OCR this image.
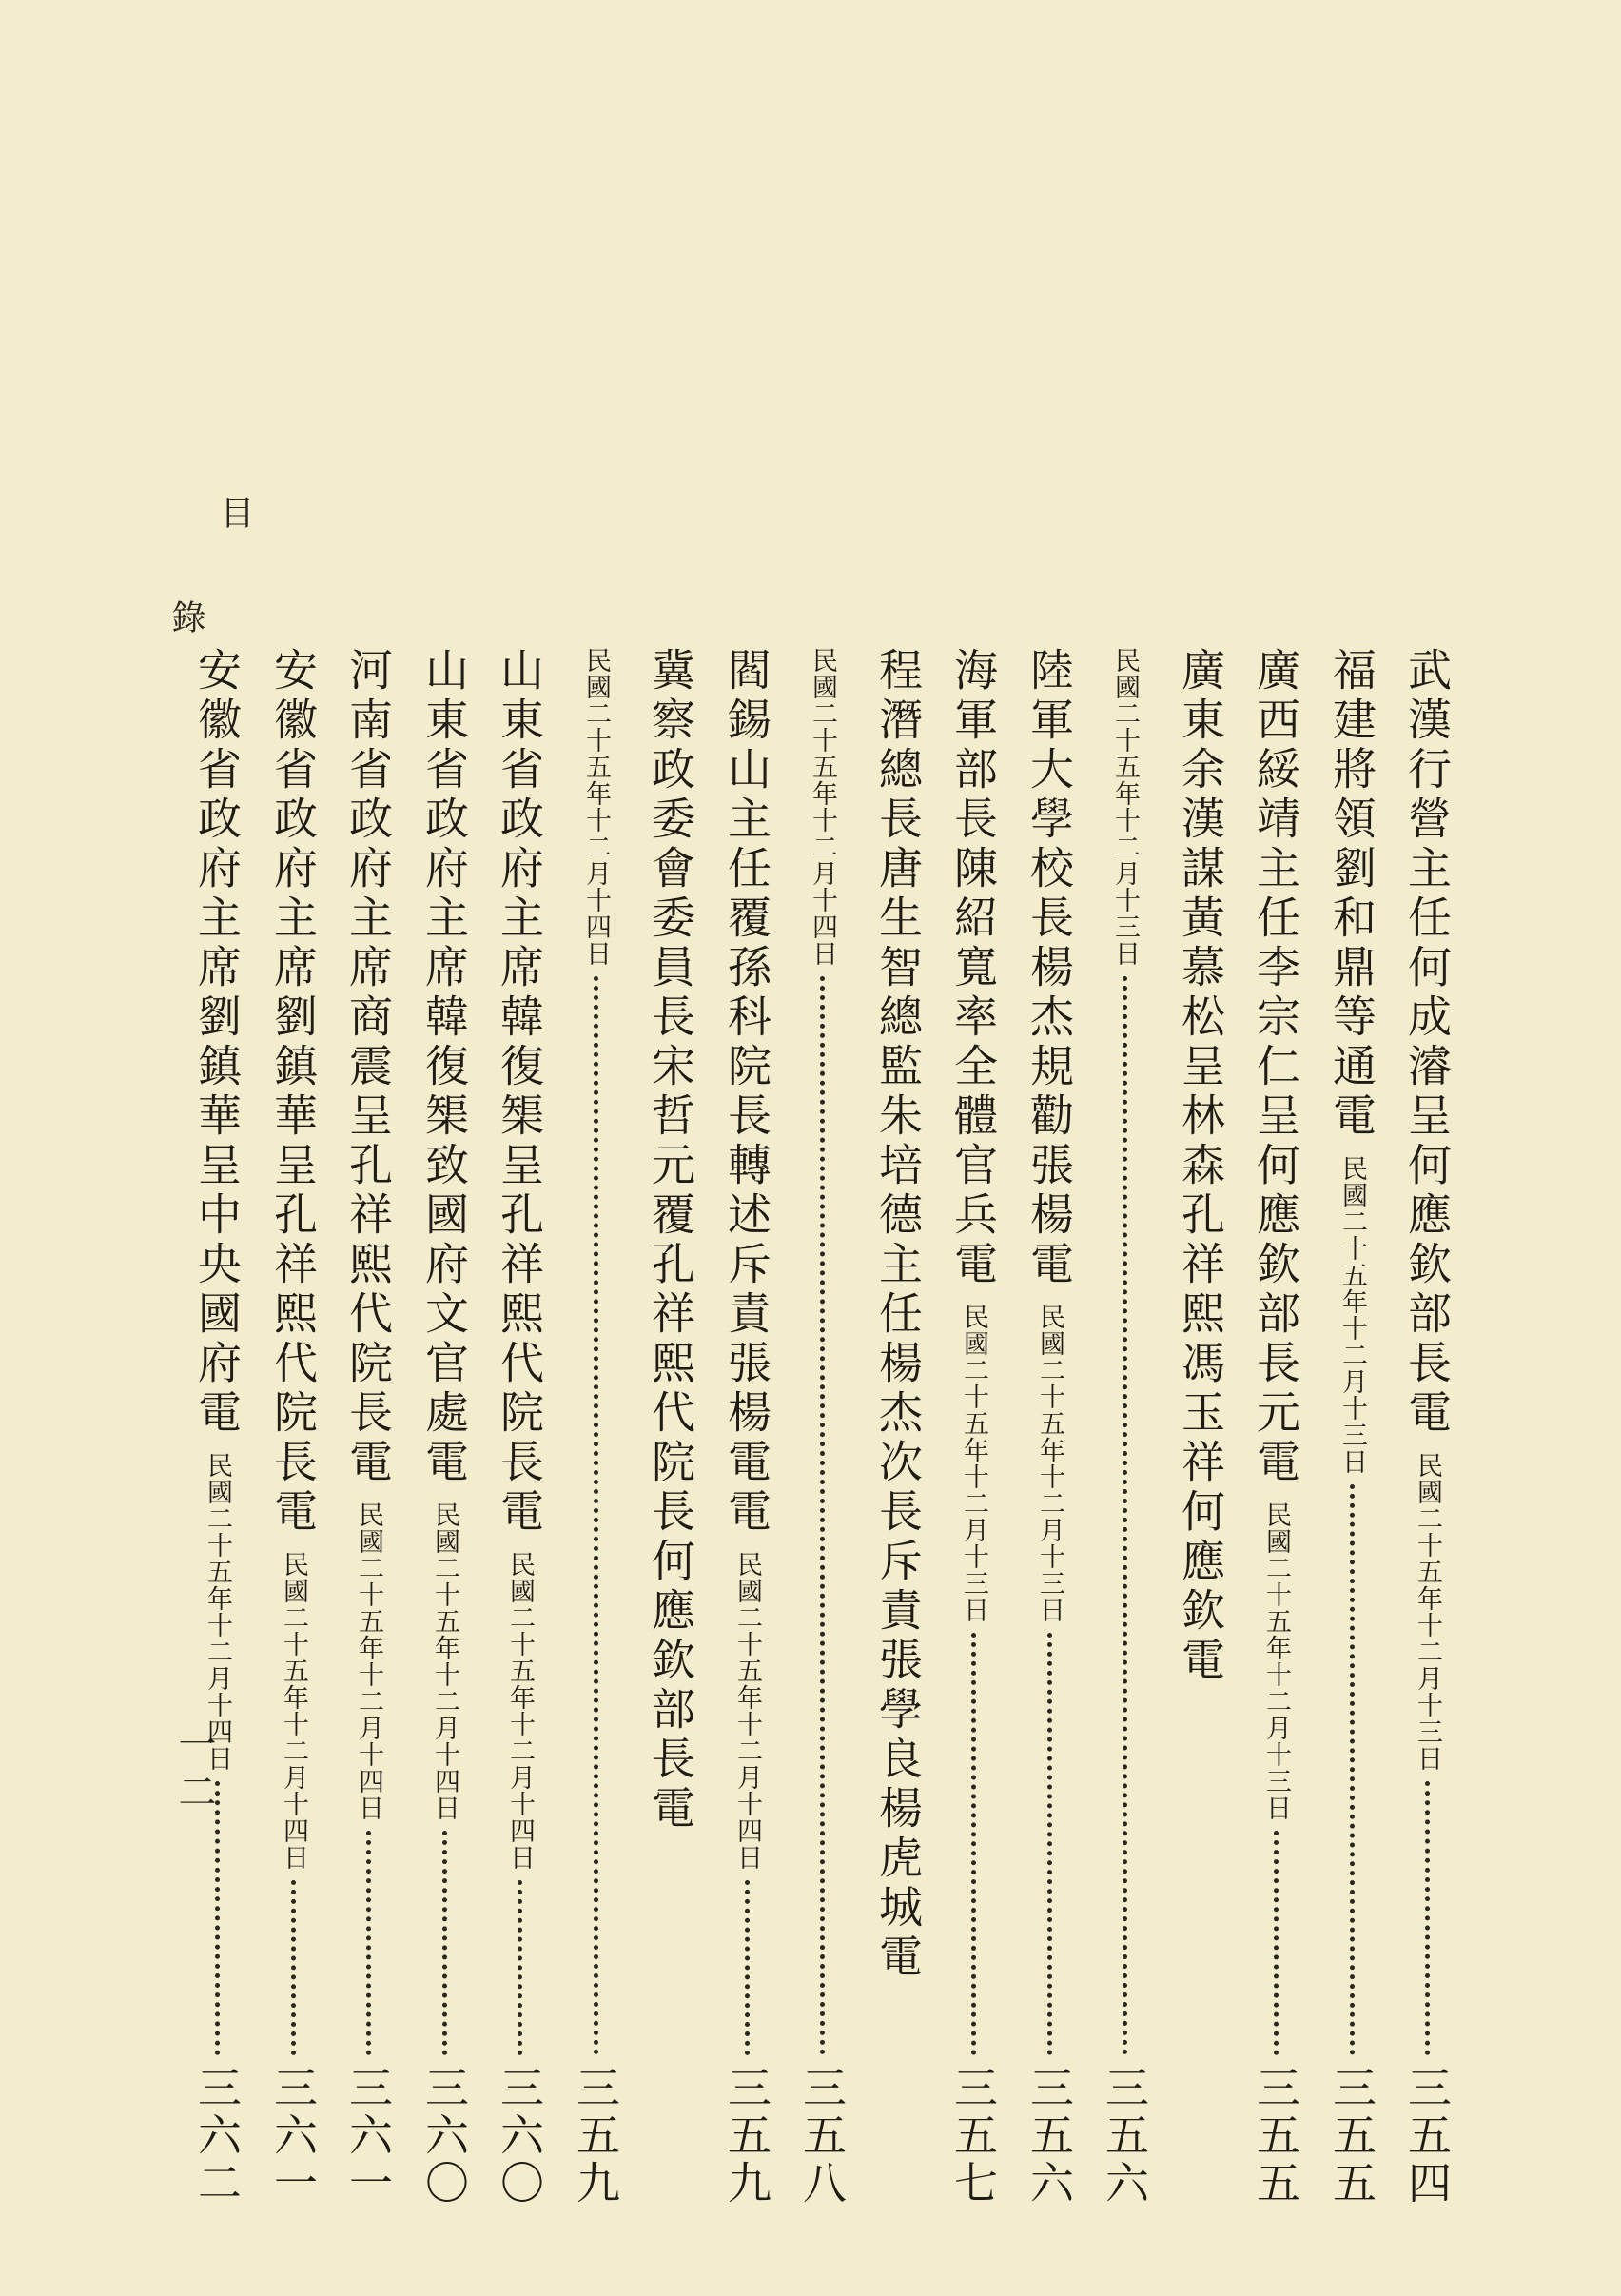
目
錄
一二
武漢行營主任何成濬呈何應欽部長電民國二十五年十二月十三日
三五四
福建將領劉和鼎等通電民國二十五年十二月十三日
三五五
廣西綏靖主任李宗仁呈何應欽部長元電民國二十五年十二月十三日
三五五
廣東余漢謀黃慕松呈林森孔祥熙馮玉祥何應欽電
民國二十五年十二月十三日
三五六
陸軍大學校長楊杰規勸張楊電民國二十五年十二月十三日
三五六
海軍部長陳紹寬率全體官兵電民國二十五年十二月十三日
三五七
程潛總長唐生智總監朱培德主任楊杰次長斥責張學良楊虎城電
民國二十五年十二月十四日
三五八
閻錫山主任覆孫科院長轉述斥責張楊電電民國二十五年十二月十四日
三五九
冀察政委會委員長宋哲元覆孔祥熙代院長何應欽部長電
民國二十五年十二月十四日
三五九
山東省政府主席韓復榘呈孔祥熙代院長電民國二十五年十二月十四日
三六〇
山東省政府主席韓復榘致國府文官處電民國二十五年十二月十四日
三六〇
河南省政府主席商震呈孔祥熙代院長電民國二十五年十二月十四日
三六一
安徽省政府主席劉鎮華呈孔祥熙代院長電民國二十五年十二月十四日
三六一
安徽省政府主席劉鎮華呈中央國府電民國二十五年十二月十四日
三六二
